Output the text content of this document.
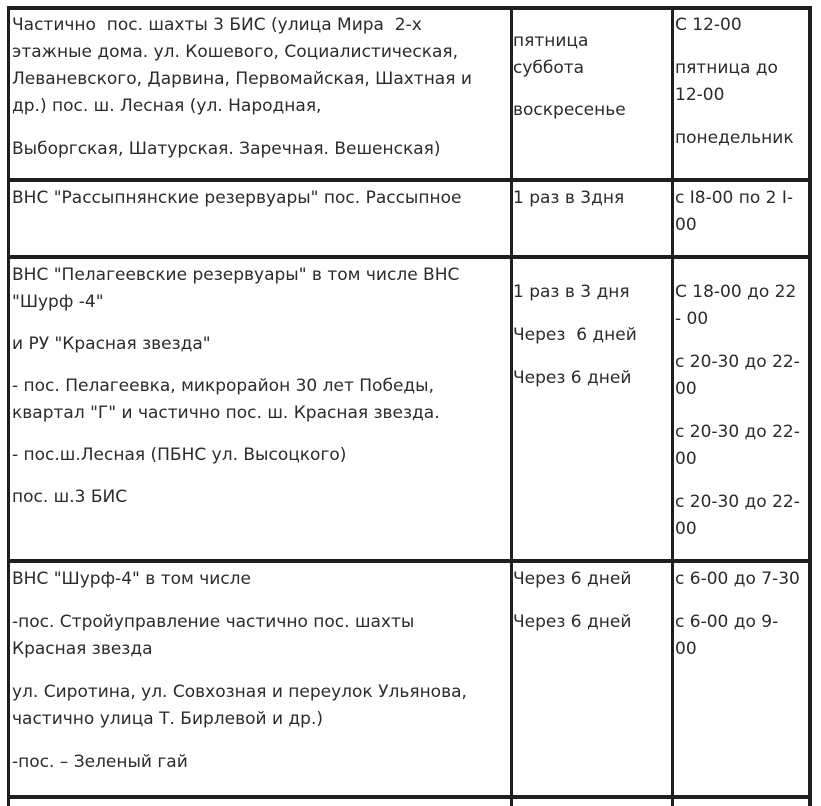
Частично  пос. шахты 3 БИС (улица Мира  2-х

этажные дома. ул. Кошевого, Социалистическая,

Леваневского, Дарвина, Первомайская, Шахтная и

др.) пос. ш. Лесная (ул. Народная,

Выборгская, Шатурская. Заречная. Вешенская)

пятница

суббота

воскресенье

С 12-00

пятница до

12-00

понедельник

ВНС "Рассыпнянские резервуары" пос. Рассыпное	1 раз в 3дня	с I8-00 по 2 I-

00

ВНС "Пелагеевские резервуары" в том числе ВНС

"Шурф -4"

и РУ "Красная звезда"

- пос. Пелагеевка, микрорайон 30 лет Победы,

квартал "Г" и частично пос. ш. Красная звезда.

- пос.ш.Лесная (ПБНС ул. Высоцкого)

пос. ш.3 БИС

1 раз в 3 дня

Через  6 дней

Через 6 дней

С 18-00 до 22

- 00

с 20-30 до 22-

00

с 20-30 до 22-

00

с 20-30 до 22-

00

ВНС "Шурф-4" в том числе

-пос. Стройуправление частично пос. шахты

Красная звезда

ул. Сиротина, ул. Совхозная и переулок Ульянова,

частично улица Т. Бирлевой и др.)

-пос. – Зеленый гай

Через 6 дней

Через 6 дней

с 6-00 до 7-30

с 6-00 до 9-

00
